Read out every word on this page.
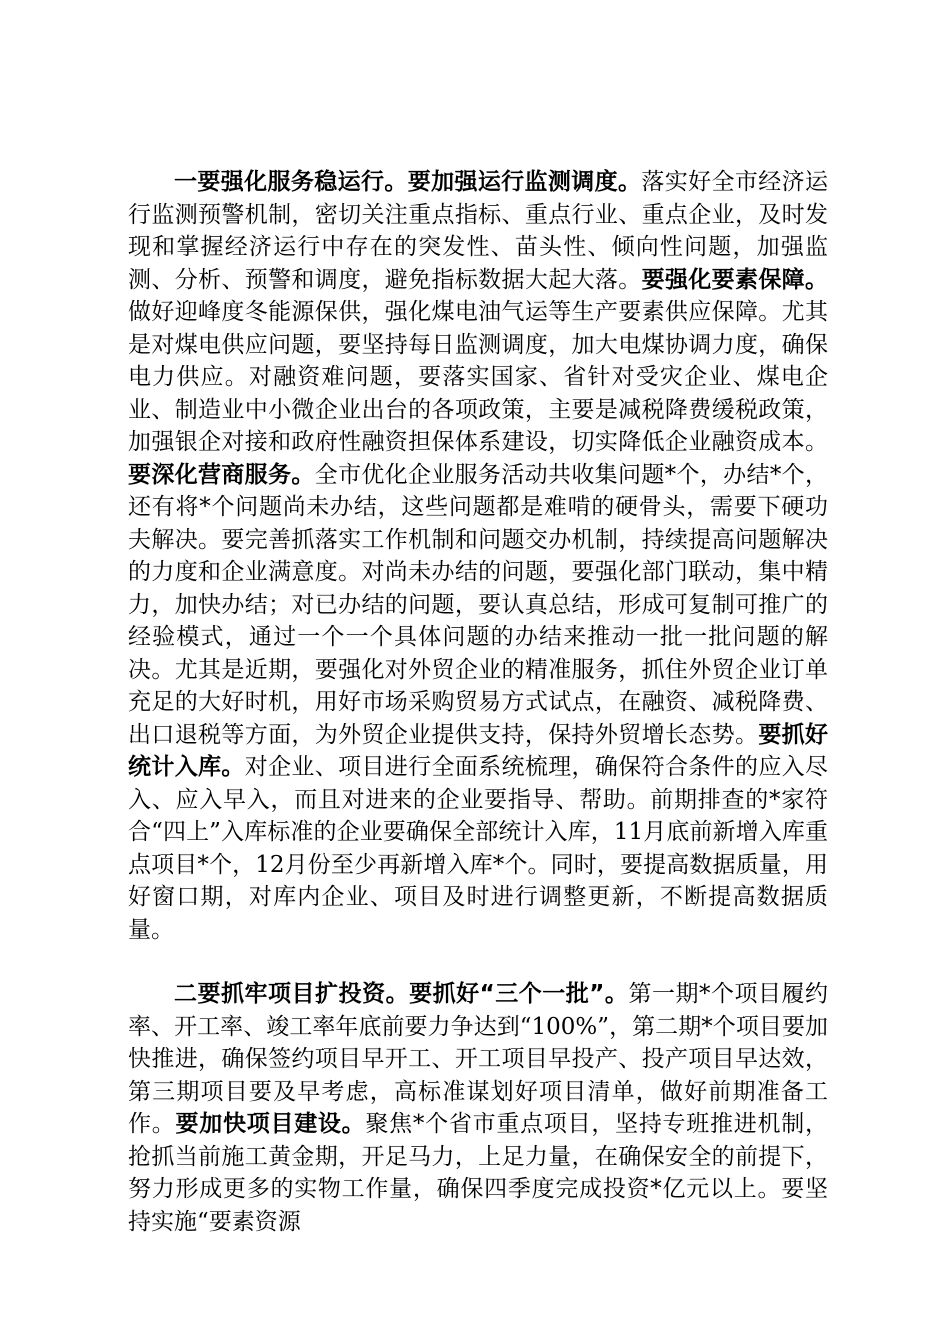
一要强化服务稳运行。要加强运行监测调度。落实好全市经济运行监测预警机制，密切关注重点指标、重点行业、重点企业，及时发现和掌握经济运行中存在的突发性、苗头性、倾向性问题，加强监测、分析、预警和调度，避免指标数据大起大落。要强化要素保障。做好迎峰度冬能源保供，强化煤电油气运等生产要素供应保障。尤其是对煤电供应问题，要坚持每日监测调度，加大电煤协调力度，确保电力供应。对融资难问题，要落实国家、省针对受灾企业、煤电企业、制造业中小微企业出台的各项政策，主要是减税降费缓税政策，加强银企对接和政府性融资担保体系建设，切实降低企业融资成本。要深化营商服务。全市优化企业服务活动共收集问题*个，办结*个，还有将*个问题尚未办结，这些问题都是难啃的硬骨头，需要下硬功夫解决。要完善抓落实工作机制和问题交办机制，持续提高问题解决的力度和企业满意度。对尚未办结的问题，要强化部门联动，集中精力，加快办结；对已办结的问题，要认真总结，形成可复制可推广的经验模式，通过一个一个具体问题的办结来推动一批一批问题的解决。尤其是近期，要强化对外贸企业的精准服务，抓住外贸企业订单充足的大好时机，用好市场采购贸易方式试点，在融资、减税降费、出口退税等方面，为外贸企业提供支持，保持外贸增长态势。要抓好统计入库。对企业、项目进行全面系统梳理，确保符合条件的应入尽入、应入早入，而且对进来的企业要指导、帮助。前期排查的*家符合“四上”入库标准的企业要确保全部统计入库，11月底前新增入库重点项目*个，12月份至少再新增入库*个。同时，要提高数据质量，用好窗口期，对库内企业、项目及时进行调整更新，不断提高数据质量。

二要抓牢项目扩投资。要抓好“三个一批”。第一期*个项目履约率、开工率、竣工率年底前要力争达到“100%”，第二期*个项目要加快推进，确保签约项目早开工、开工项目早投产、投产项目早达效，第三期项目要及早考虑，高标准谋划好项目清单，做好前期准备工作。要加快项目建设。聚焦*个省市重点项目，坚持专班推进机制，抢抓当前施工黄金期，开足马力，上足力量，在确保安全的前提下，努力形成更多的实物工作量，确保四季度完成投资*亿元以上。要坚持实施“要素资源
